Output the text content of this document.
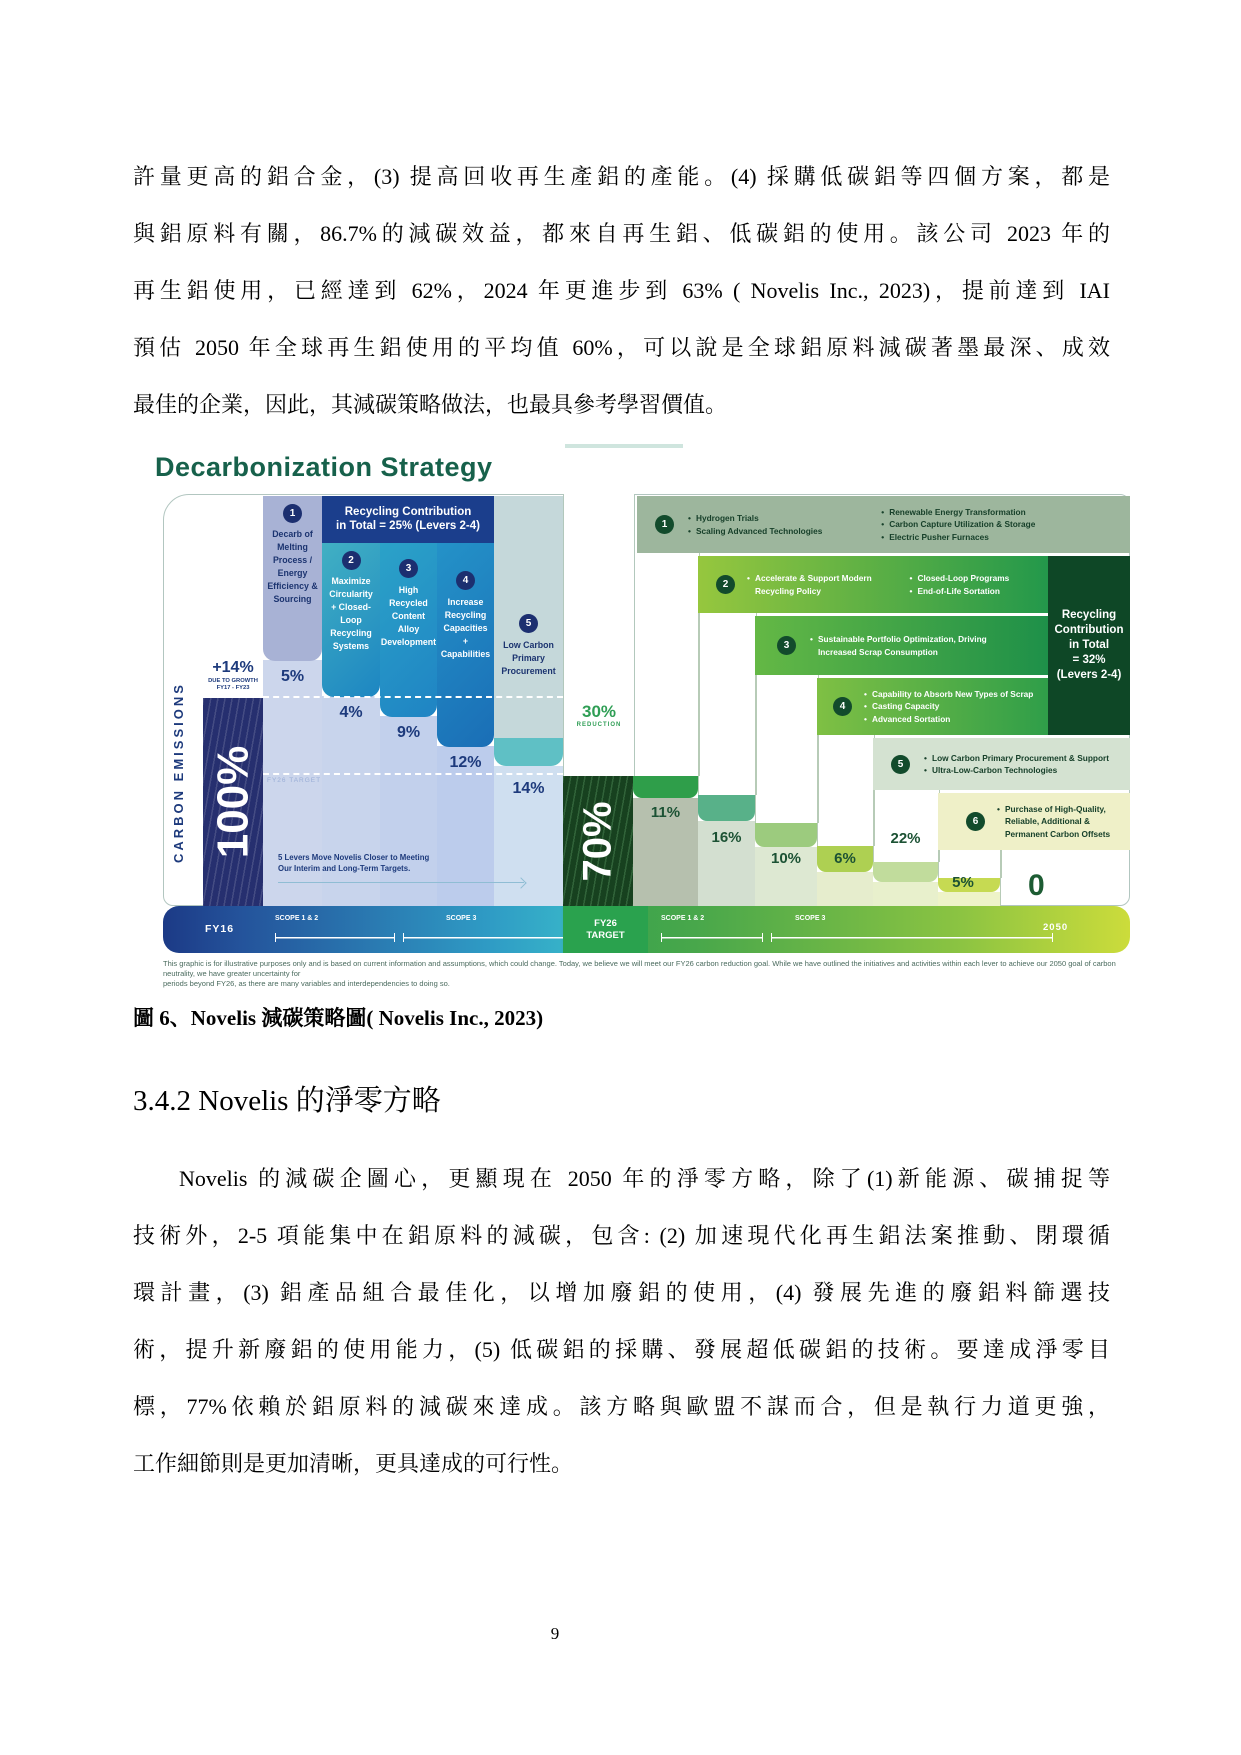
許量更高的鋁合金，(3) 提高回收再生產鋁的產能。(4) 採購低碳鋁等四個方案，都是
與鋁原料有關，86.7%的減碳效益，都來自再生鋁、低碳鋁的使用。該公司 2023 年的
再生鋁使用，已經達到 62%，2024 年更進步到 63% ( Novelis Inc., 2023)，提前達到 IAI
預估 2050 年全球再生鋁使用的平均值 60%，可以說是全球鋁原料減碳著墨最深、成效
最佳的企業，因此，其減碳策略做法，也最具參考學習價值。
Decarbonization Strategy
CARBON EMISSIONS
+14%
DUE TO GROWTH
FY17 - FY23
100%
1
Decarb of Melting Process / Energy Efficiency & Sourcing
5%
Recycling Contribution
in Total = 25% (Levers 2-4)
2
Maximize Circularity + Closed-Loop Recycling Systems
4%
3
High Recycled Content Alloy Development
9%
4
Increase Recycling Capacities + Capabilities
12%
5
Low Carbon Primary Procurement
14%
FY26 TARGET
5 Levers Move Novelis Closer to Meeting
Our Interim and Long-Term Targets.
30%
REDUCTION
70%
1
• Hydrogen Trials
• Scaling Advanced Technologies
• Renewable Energy Transformation
• Carbon Capture Utilization & Storage
• Electric Pusher Furnaces
2
• Accelerate & Support Modern Recycling Policy
• Closed-Loop Programs
• End-of-Life Sortation
3
• Sustainable Portfolio Optimization, Driving Increased Scrap Consumption
4
• Capability to Absorb New Types of Scrap
• Casting Capacity
• Advanced Sortation
Recycling
Contribution
in Total
= 32%
(Levers 2-4)
5
• Low Carbon Primary Procurement & Support
• Ultra-Low-Carbon Technologies
6
• Purchase of High-Quality,
Reliable, Additional &
Permanent Carbon Offsets
11%
16%
10%	6%
22%
5%	0
FY16
SCOPE 1 & 2	SCOPE 3	FY26
TARGET
SCOPE 1 & 2	SCOPE 3
2050
This graphic is for illustrative purposes only and is based on current information and assumptions, which could change. Today, we believe we will meet our FY26 carbon reduction goal. While we have outlined the initiatives and activities within each lever to achieve our 2050 goal of carbon neutrality, we have greater uncertainty for
periods beyond FY26, as there are many variables and interdependencies to doing so.
圖 6、Novelis 減碳策略圖( Novelis Inc., 2023)
3.4.2 Novelis 的淨零方略
Novelis 的減碳企圖心，更顯現在 2050 年的淨零方略，除了(1)新能源、碳捕捉等
技術外，2-5 項能集中在鋁原料的減碳，包含: (2) 加速現代化再生鋁法案推動、閉環循
環計畫，(3) 鋁產品組合最佳化，以增加廢鋁的使用，(4) 發展先進的廢鋁料篩選技
術，提升新廢鋁的使用能力，(5) 低碳鋁的採購、發展超低碳鋁的技術。要達成淨零目
標，77%依賴於鋁原料的減碳來達成。該方略與歐盟不謀而合，但是執行力道更強，
工作細節則是更加清晰，更具達成的可行性。
9
